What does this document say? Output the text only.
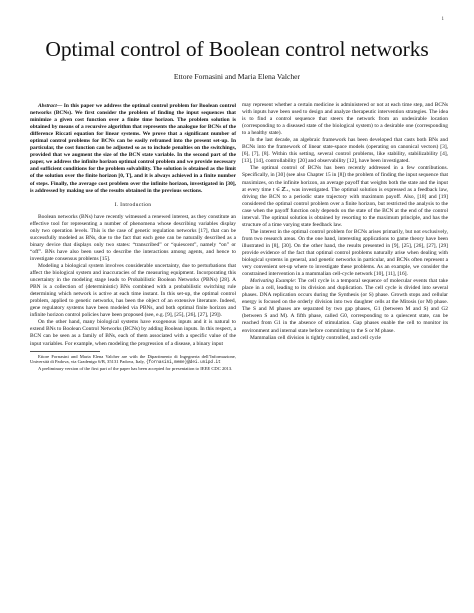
1
Optimal control of Boolean control networks
Ettore Fornasini and Maria Elena Valcher

Abstract— In this paper we address the optimal control problem for Boolean control networks (BCNs). We first consider the problem of finding the input sequences that minimize a given cost function over a finite time horizon. The problem solution is obtained by means of a recursive algorithm that represents the analogue for BCNs of the difference Riccati equation for linear systems. We prove that a significant number of optimal control problems for BCNs can be easily reframed into the present set-up. In particular, the cost function can be adjusted so as to include penalties on the switchings, provided that we augment the size of the BCN state variable. In the second part of the paper, we address the infinite horizon optimal control problem and we provide necessary and sufficient conditions for the problem solvability. The solution is obtained as the limit of the solution over the finite horizon [0, T], and it is always achieved in a finite number of steps. Finally, the average cost problem over the infinite horizon, investigated in [30], is addressed by making use of the results obtained in the previous sections.

I. Introduction

Boolean networks (BNs) have recently witnessed a renewed interest, as they constitute an effective tool for representing a number of phenomena whose describing variables display only two operation levels. This is the case of genetic regulation networks [17], that can be successfully modeled as BNs, due to the fact that each gene can be naturally described as a binary device that displays only two states: “transcribed” or “quiescent”, namely “on” or “off”. BNs have also been used to describe the interactions among agents, and hence to investigate consensus problems [15].

Modeling a biological system involves considerable uncertainty, due to perturbations that affect the biological system and inaccuracies of the measuring equipment. Incorporating this uncertainty in the modeling stage leads to Probabilistic Boolean Networks (PBNs) [28]. A PBN is a collection of (deterministic) BNs combined with a probabilistic switching rule determining which network is active at each time instant. In this set-up, the optimal control problem, applied to genetic networks, has been the object of an extensive literature. Indeed, gene regulatory systems have been modeled via PBNs, and both optimal finite horizon and infinite horizon control policies have been proposed (see, e.g. [9], [25], [26], [27], [29]).

On the other hand, many biological systems have exogenous inputs and it is natural to extend BNs to Boolean Control Networks (BCNs) by adding Boolean inputs. In this respect, a BCN can be seen as a family of BNs, each of them associated with a specific value of the input variables. For example, when modeling the progression of a disease, a binary input

Ettore Fornasini and Maria Elena Valcher are with the Dipartimento di Ingegneria dell’Informazione, Università di Padova, via Gradenigo 6/B, 35131 Padova, Italy, {fornasini,meme}@dei.unipd.it

A preliminary version of the first part of the paper has been accepted for presentation to IEEE CDC 2013.

may represent whether a certain medicine is administered or not at each time step, and BCNs with inputs have been used to design and analyze therapeutic intervention strategies. The idea is to find a control sequence that steers the network from an undesirable location (corresponding to a diseased state of the biological system) to a desirable one (corresponding to a healthy state).

In the last decade, an algebraic framework has been developed that casts both BNs and BCNs into the framework of linear state-space models (operating on canonical vectors) [3], [6], [7], [8]. Within this setting, several control problems, like stability, stabilizability [4], [13], [14], controllability [20] and observability [12], have been investigated.

The optimal control of BCNs has been recently addressed in a few contributions. Specifically, in [30] (see also Chapter 15 in [8]) the problem of finding the input sequence that maximizes, on the infinite horizon, an average payoff that weights both the state and the input at every time t ∈ ℤ₊, was investigated. The optimal solution is expressed as a feedback law, driving the BCN to a periodic state trajectory with maximum payoff. Also, [18] and [19] considered the optimal control problem over a finite horizon, but restricted the analysis to the case when the payoff function only depends on the state of the BCN at the end of the control interval. The optimal solution is obtained by resorting to the maximum principle, and has the structure of a time varying state feedback law.

The interest in the optimal control problem for BCNs arises primarily, but not exclusively, from two research areas. On the one hand, interesting applications to game theory have been illustrated in [8], [30]. On the other hand, the results presented in [9], [25], [26], [27], [29] provide evidence of the fact that optimal control problems naturally arise when dealing with biological systems in general, and genetic networks in particular, and BCNs often represent a very convenient set-up where to investigate these problems. As an example, we consider the constrained intervention in a mammalian cell-cycle network [10], [11], [16].

Motivating Example: The cell cycle is a temporal sequence of molecular events that take place in a cell, leading to its division and duplication. The cell cycle is divided into several phases. DNA replication occurs during the Synthesis (or S) phase. Growth stops and cellular energy is focused on the orderly division into two daughter cells at the Mitosis (or M) phase. The S and M phases are separated by two gap phases, G1 (between M and S) and G2 (between S and M). A fifth phase, called G0, corresponding to a quiescent state, can be reached from G1 in the absence of stimulation. Gap phases enable the cell to monitor its environment and internal state before committing to the S or M phase.

Mammalian cell division is tightly controlled, and cell cycle
